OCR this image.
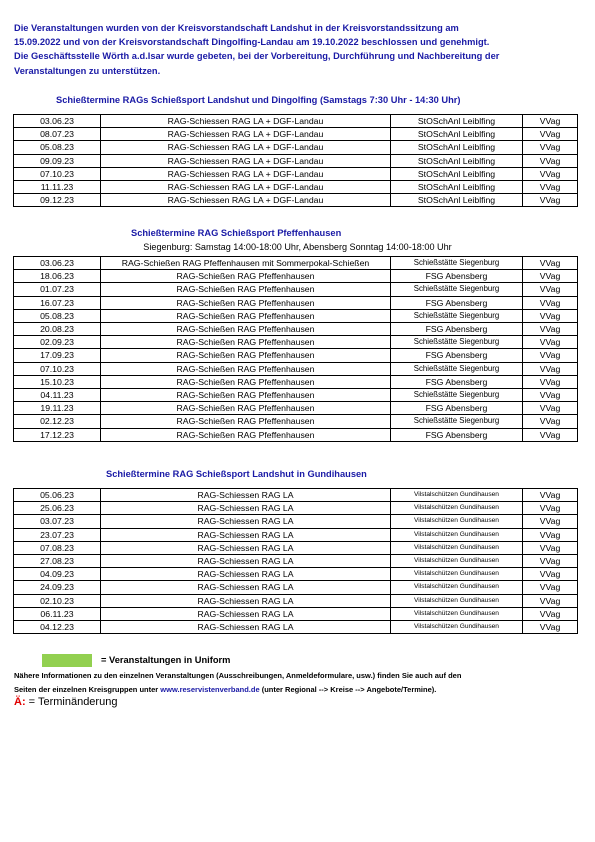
Die Veranstaltungen wurden von der Kreisvorstandschaft Landshut in der Kreisvorstandssitzung am
15.09.2022 und von der Kreisvorstandschaft Dingolfing-Landau am 19.10.2022 beschlossen und genehmigt.
Die Geschäftsstelle Wörth a.d.Isar wurde gebeten, bei der Vorbereitung, Durchführung und Nachbereitung der
Veranstaltungen zu unterstützen.
Schießtermine RAGs Schießsport Landshut und Dingolfing (Samstags 7:30 Uhr - 14:30 Uhr)
03.06.23	RAG-Schiessen RAG LA + DGF-Landau	StOSchAnl Leiblfing	VVag
08.07.23	RAG-Schiessen RAG LA + DGF-Landau	StOSchAnl Leiblfing	VVag
05.08.23	RAG-Schiessen RAG LA + DGF-Landau	StOSchAnl Leiblfing	VVag
09.09.23	RAG-Schiessen RAG LA + DGF-Landau	StOSchAnl Leiblfing	VVag
07.10.23	RAG-Schiessen RAG LA + DGF-Landau	StOSchAnl Leiblfing	VVag
11.11.23	RAG-Schiessen RAG LA + DGF-Landau	StOSchAnl Leiblfing	VVag
09.12.23	RAG-Schiessen RAG LA + DGF-Landau	StOSchAnl Leiblfing	VVag
Schießtermine RAG Schießsport Pfeffenhausen
Siegenburg: Samstag 14:00-18:00 Uhr, Abensberg Sonntag 14:00-18:00 Uhr
03.06.23	RAG-Schießen RAG Pfeffenhausen mit Sommerpokal-Schießen	Schießstätte Siegenburg	VVag
18.06.23	RAG-Schießen RAG Pfeffenhausen	FSG Abensberg	VVag
01.07.23	RAG-Schießen RAG Pfeffenhausen	Schießstätte Siegenburg	VVag
16.07.23	RAG-Schießen RAG Pfeffenhausen	FSG Abensberg	VVag
05.08.23	RAG-Schießen RAG Pfeffenhausen	Schießstätte Siegenburg	VVag
20.08.23	RAG-Schießen RAG Pfeffenhausen	FSG Abensberg	VVag
02.09.23	RAG-Schießen RAG Pfeffenhausen	Schießstätte Siegenburg	VVag
17.09.23	RAG-Schießen RAG Pfeffenhausen	FSG Abensberg	VVag
07.10.23	RAG-Schießen RAG Pfeffenhausen	Schießstätte Siegenburg	VVag
15.10.23	RAG-Schießen RAG Pfeffenhausen	FSG Abensberg	VVag
04.11.23	RAG-Schießen RAG Pfeffenhausen	Schießstätte Siegenburg	VVag
19.11.23	RAG-Schießen RAG Pfeffenhausen	FSG Abensberg	VVag
02.12.23	RAG-Schießen RAG Pfeffenhausen	Schießstätte Siegenburg	VVag
17.12.23	RAG-Schießen RAG Pfeffenhausen	FSG Abensberg	VVag
Schießtermine RAG Schießsport Landshut in Gundihausen
05.06.23	RAG-Schiessen RAG LA	Vilstalschützen Gundihausen	VVag
25.06.23	RAG-Schiessen RAG LA	Vilstalschützen Gundihausen	VVag
03.07.23	RAG-Schiessen RAG LA	Vilstalschützen Gundihausen	VVag
23.07.23	RAG-Schiessen RAG LA	Vilstalschützen Gundihausen	VVag
07.08.23	RAG-Schiessen RAG LA	Vilstalschützen Gundihausen	VVag
27.08.23	RAG-Schiessen RAG LA	Vilstalschützen Gundihausen	VVag
04.09.23	RAG-Schiessen RAG LA	Vilstalschützen Gundihausen	VVag
24.09.23	RAG-Schiessen RAG LA	Vilstalschützen Gundihausen	VVag
02.10.23	RAG-Schiessen RAG LA	Vilstalschützen Gundihausen	VVag
06.11.23	RAG-Schiessen RAG LA	Vilstalschützen Gundihausen	VVag
04.12.23	RAG-Schiessen RAG LA	Vilstalschützen Gundihausen	VVag
= Veranstaltungen in Uniform
Nähere Informationen zu den einzelnen Veranstaltungen (Ausschreibungen, Anmeldeformulare, usw.) finden Sie auch auf den
Seiten der einzelnen Kreisgruppen unter www.reservistenverband.de (unter Regional --> Kreise --> Angebote/Termine).
Ä: = Terminänderung
